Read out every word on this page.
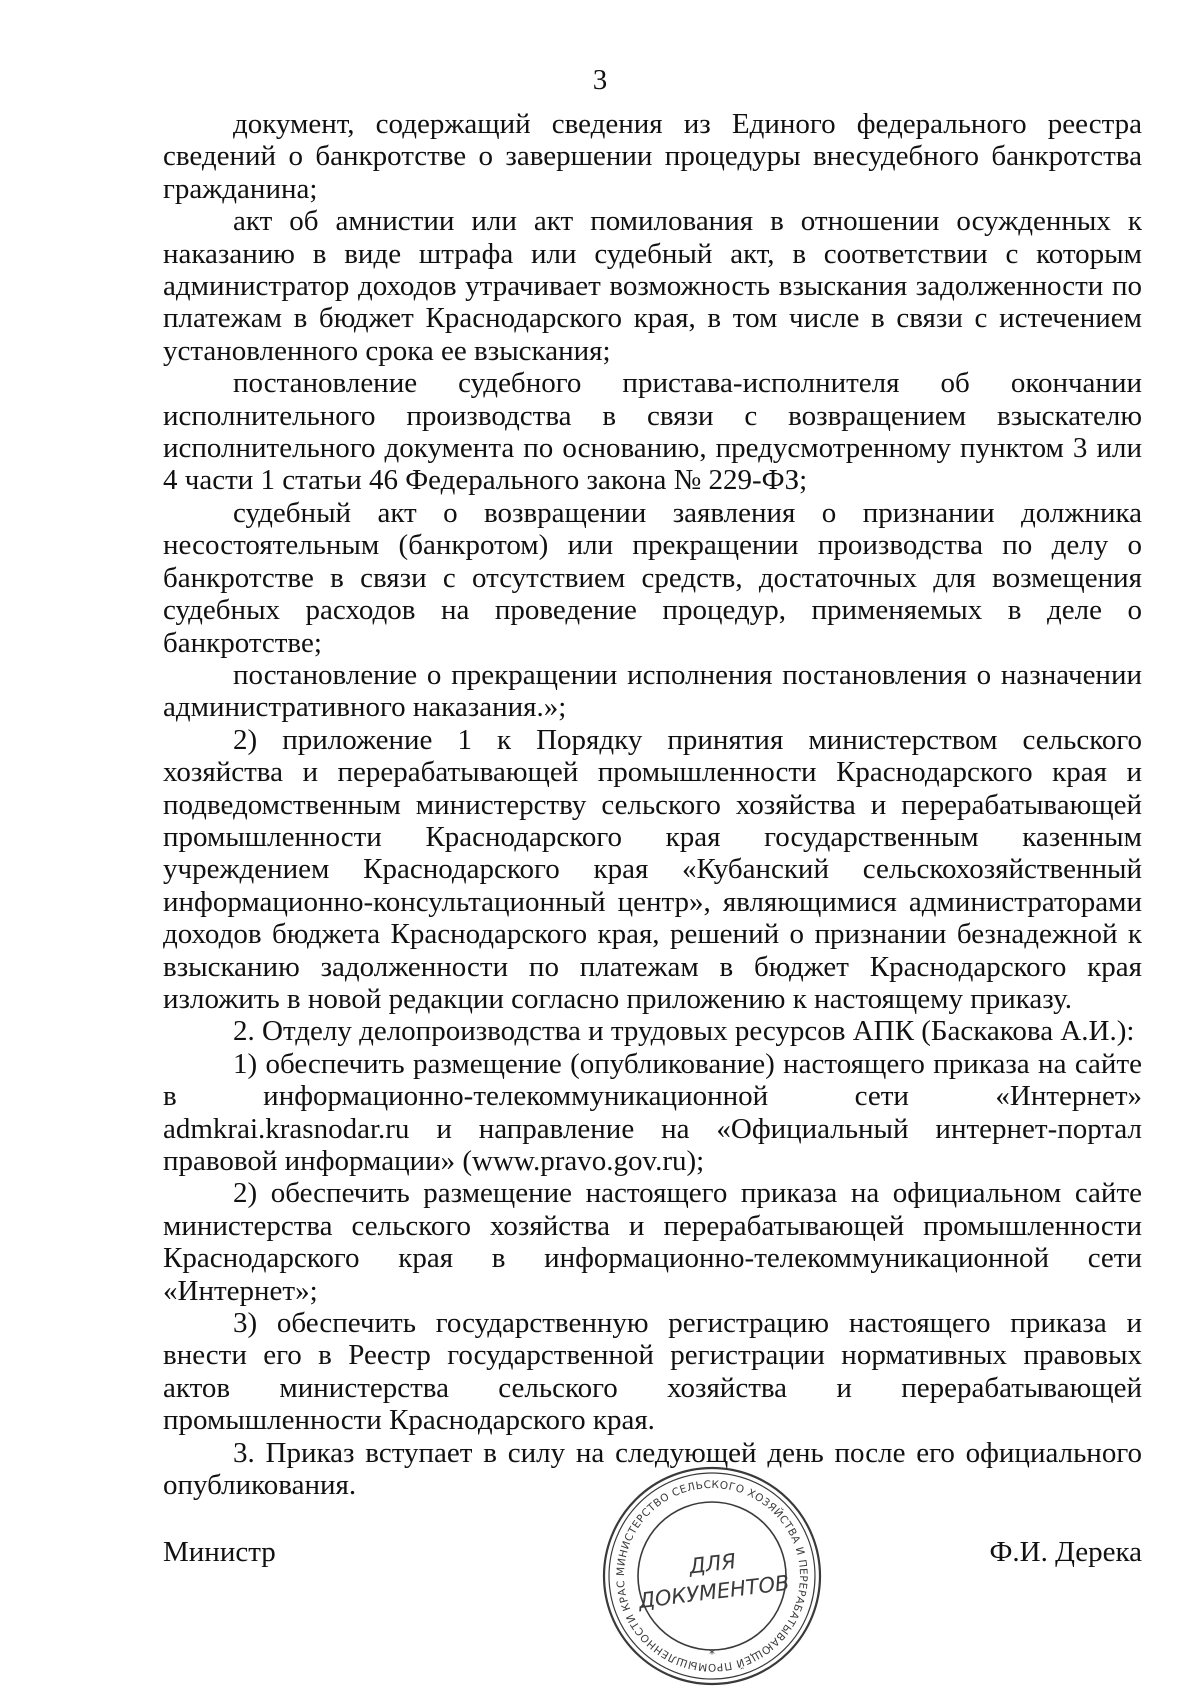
3

документ, содержащий сведения из Единого федерального реестра сведений о банкротстве о завершении процедуры внесудебного банкротства гражданина;

акт об амнистии или акт помилования в отношении осужденных к наказанию в виде штрафа или судебный акт, в соответствии с которым администратор доходов утрачивает возможность взыскания задолженности по платежам в бюджет Краснодарского края, в том числе в связи с истечением установленного срока ее взыскания;

постановление судебного пристава-исполнителя об окончании исполнительного производства в связи с возвращением взыскателю исполнительного документа по основанию, предусмотренному пунктом 3 или 4 части 1 статьи 46 Федерального закона № 229-ФЗ;

судебный акт о возвращении заявления о признании должника несостоятельным (банкротом) или прекращении производства по делу о банкротстве в связи с отсутствием средств, достаточных для возмещения судебных расходов на проведение процедур, применяемых в деле о банкротстве;

постановление о прекращении исполнения постановления о назначении административного наказания.»;

2) приложение 1 к Порядку принятия министерством сельского хозяйства и перерабатывающей промышленности Краснодарского края и подведомственным министерству сельского хозяйства и перерабатывающей промышленности Краснодарского края государственным казенным учреждением Краснодарского края «Кубанский сельскохозяйственный информационно-консультационный центр», являющимися администраторами доходов бюджета Краснодарского края, решений о признании безнадежной к взысканию задолженности по платежам в бюджет Краснодарского края изложить в новой редакции согласно приложению к настоящему приказу.

2. Отделу делопроизводства и трудовых ресурсов АПК (Баскакова А.И.):

1) обеспечить размещение (опубликование) настоящего приказа на сайте в информационно-телекоммуникационной сети «Интернет» admkrai.krasnodar.ru и направление на «Официальный интернет-портал правовой информации» (www.pravo.gov.ru);

2) обеспечить размещение настоящего приказа на официальном сайте министерства сельского хозяйства и перерабатывающей промышленности Краснодарского края в информационно-телекоммуникационной сети «Интернет»;

3) обеспечить государственную регистрацию настоящего приказа и внести его в Реестр государственной регистрации нормативных правовых актов министерства сельского хозяйства и перерабатывающей промышленности Краснодарского края.

3. Приказ вступает в силу на следующей день после его официального опубликования.

Министр	Ф.И. Дерека
МИНИСТЕРСТВО СЕЛЬСКОГО ХОЗЯЙСТВА И ПЕРЕРАБАТЫВАЮЩЕЙ ПРОМЫШЛЕННОСТИ КРАС
ДЛЯ
ДОКУМЕНТОВ
*
